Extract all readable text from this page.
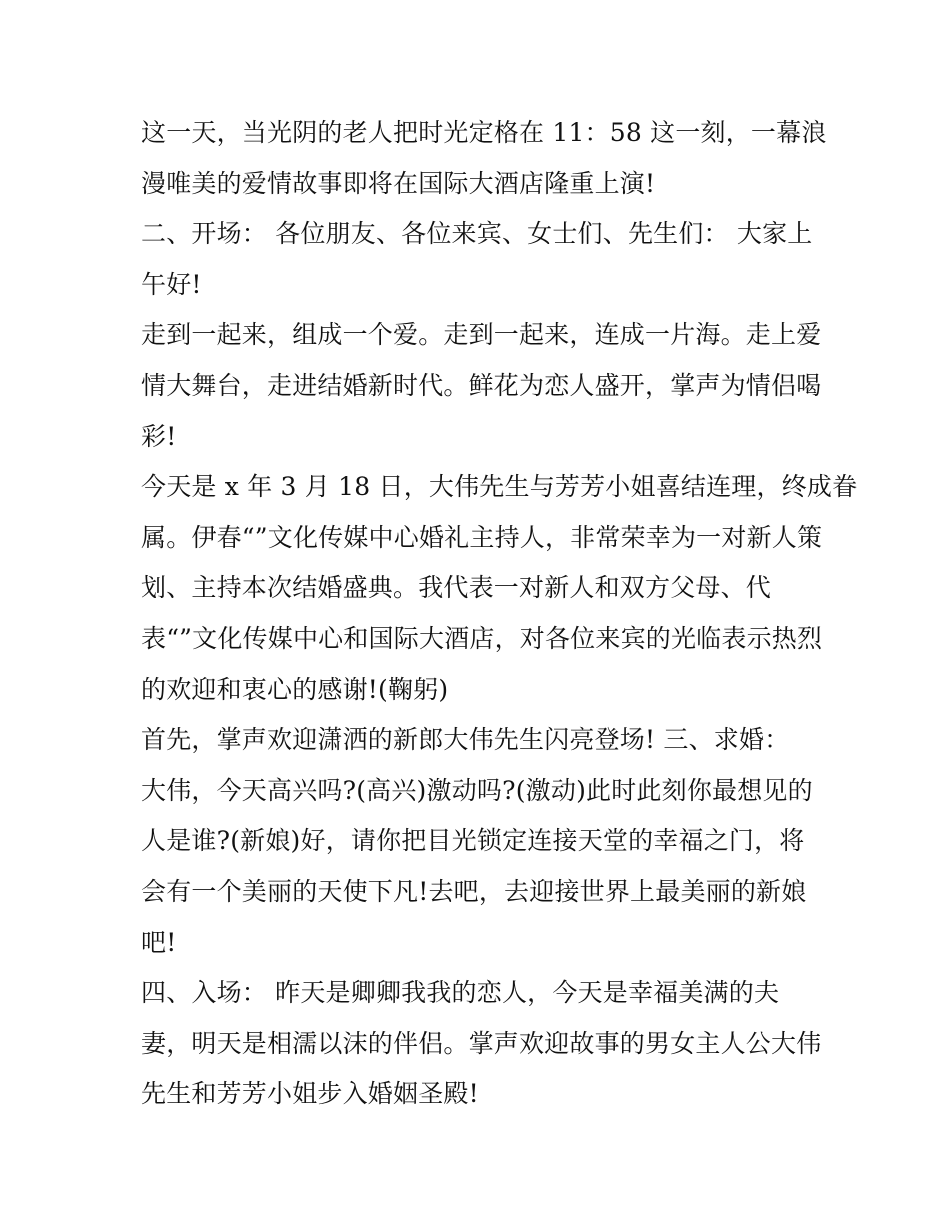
这一天，当光阴的老人把时光定格在 11：58 这一刻，一幕浪
漫唯美的爱情故事即将在国际大酒店隆重上演!
二、开场： 各位朋友、各位来宾、女士们、先生们： 大家上
午好!
走到一起来，组成一个爱。走到一起来，连成一片海。走上爱
情大舞台，走进结婚新时代。鲜花为恋人盛开，掌声为情侣喝
彩!
今天是 x 年 3 月 18 日，大伟先生与芳芳小姐喜结连理，终成眷
属。伊春“”文化传媒中心婚礼主持人，非常荣幸为一对新人策
划、主持本次结婚盛典。我代表一对新人和双方父母、代
表“”文化传媒中心和国际大酒店，对各位来宾的光临表示热烈
的欢迎和衷心的感谢!(鞠躬)
首先，掌声欢迎潇洒的新郎大伟先生闪亮登场! 三、求婚：
大伟，今天高兴吗?(高兴)激动吗?(激动)此时此刻你最想见的
人是谁?(新娘)好，请你把目光锁定连接天堂的幸福之门，将
会有一个美丽的天使下凡!去吧，去迎接世界上最美丽的新娘
吧!
四、入场： 昨天是卿卿我我的恋人，今天是幸福美满的夫
妻，明天是相濡以沫的伴侣。掌声欢迎故事的男女主人公大伟
先生和芳芳小姐步入婚姻圣殿!
